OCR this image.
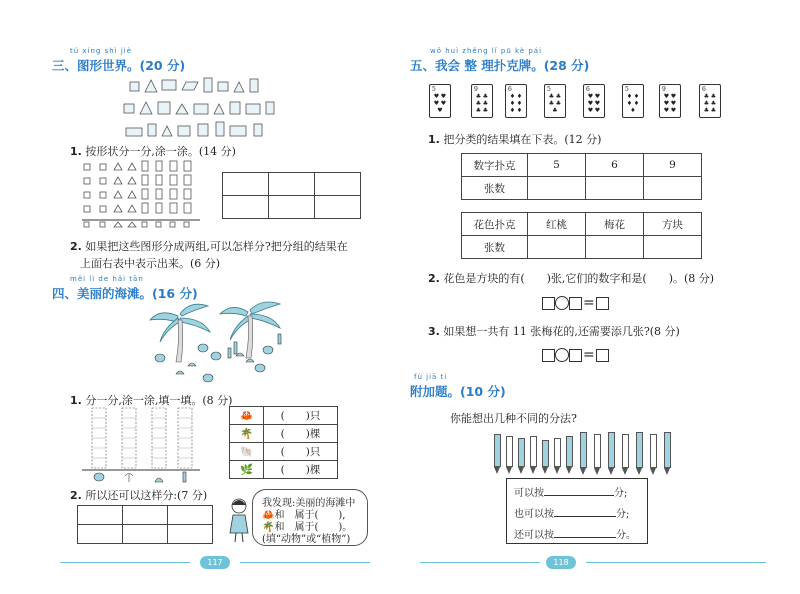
tú xíng shì jiè
三、图形世界。(20 分)
1. 按形状分一分,涂一涂。(14 分)

2. 如果把这些图形分成两组,可以怎样分?把分组的结果在
上面右表中表示出来。(6 分)
měi lì de hǎi tān
四、美丽的海滩。(16 分)
1. 分一分,涂一涂,填一填。(8 分)
🦀	(　　)只
🌴	(　　)棵
🐚	(　　)只
🌿	(　　)棵
2. 所以还可以这样分:(7 分)

我发现:美丽的海滩中
🦀和　属于(　　),
🌴和　属于(　　)。
(填“动物”或“植物”)
117
wǒ huì zhěng lǐ pū kè pái
五、我会 整 理扑克牌。(28 分)
5
♥ ♥
♥ ♥
♥
9
♣ ♣
♣ ♣
♣ ♣
6
♦ ♦
♦ ♦
♦ ♦
5
♣ ♣
♣ ♣
♣
6
♥ ♥
♥ ♥
♥ ♥
5
♦ ♦
♦ ♦
♦
9
♥ ♥
♥ ♥
♥ ♥
6
♣ ♣
♣ ♣
♣ ♣
1. 把分类的结果填在下表。(12 分)
数字扑克	5	6	9
张数			
花色扑克	红桃	梅花	方块
张数			
2. 花色是方块的有(　　)张,它们的数字和是(　　)。(8 分)
=
3. 如果想一共有 11 张梅花的,还需要添几张?(8 分)
=
fù jiā tí
附加题。(10 分)
你能想出几种不同的分法?
可以按	分;
也可以按	分;
还可以按	分。
118
